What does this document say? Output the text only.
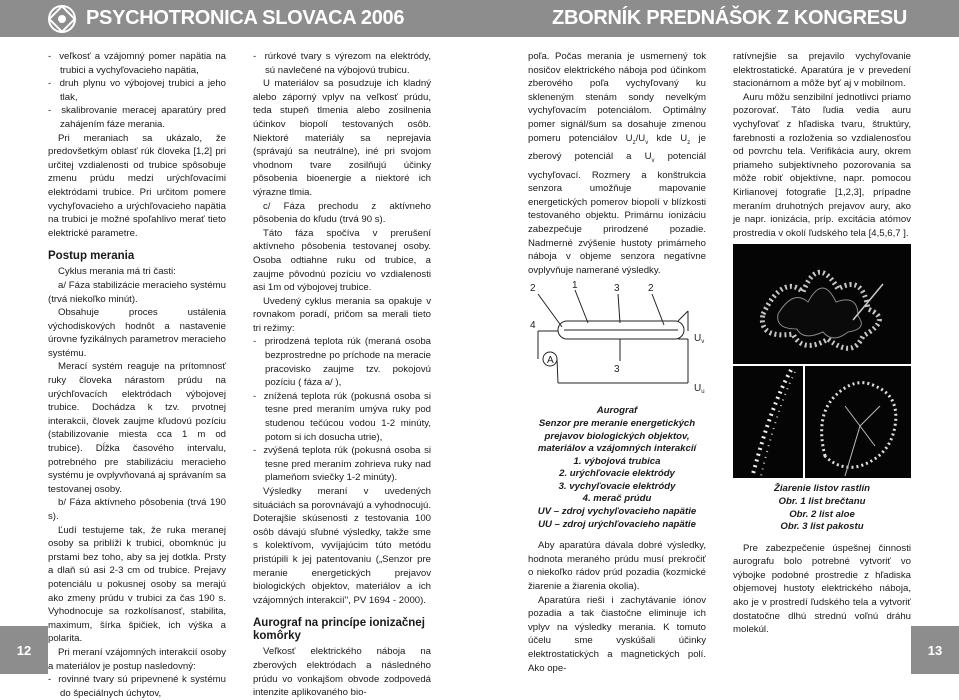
PSYCHOTRONICA SLOVACA 2006	ZBORNÍK PREDNÁŠOK Z KONGRESU

-  veľkosť a vzájomný pomer napätia na trubici a vychyľovacieho napätia,

-  druh plynu vo výbojovej trubici a jeho tlak,

-  skalibrovanie meracej aparatúry pred zahájením fáze merania.

Pri meraniach sa ukázalo, že predovšetkým oblasť rúk človeka [1,2] pri určitej vzdialenosti od trubice spôsobuje zmenu prúdu medzi urýchľovacími elektródami trubice. Pri určitom pomere vychyľovacieho a urýchľovacieho napätia na trubici je možné spoľahlivo merať tieto elektrické parametre.

Postup merania

Cyklus merania má tri časti:

a/ Fáza stabilizácie meracieho systému (trvá niekoľko minút).

Obsahuje proces ustálenia východiskových hodnôt a nastavenie úrovne fyzikálnych parametrov meracieho systému.

Merací systém reaguje na prítomnosť ruky človeka nárastom prúdu na urýchľovacích elektródach výbojovej trubice. Dochádza k tzv. prvotnej interakcii, človek zaujme kľudovú pozíciu (stabilizovanie miesta cca 1 m od trubice). Dĺžka časového intervalu, potrebného pre stabilizáciu meracieho systému je ovplyvňovaná aj správaním sa testovanej osoby.

b/ Fáza aktívneho pôsobenia (trvá 190 s).

Ľudí testujeme tak, že ruka meranej osoby sa priblíži k trubici, obomknúc ju prstami bez toho, aby sa jej dotkla. Prsty a dlaň sú asi 2-3 cm od trubice. Prejavy potenciálu u pokusnej osoby sa merajú ako zmeny prúdu v trubici za čas 190 s. Vyhodnocuje sa rozkolísanosť, stabilita, maximum, šírka špičiek, ich výška a polarita.

Pri meraní vzájomných interakcií osoby a materiálov je postup nasledovný:

-  rovinné tvary sú pripevnené k systému do špeciálnych úchytov,

-  rúrkové tvary s výrezom na elektródy, sú navlečené na výbojovú trubicu.

U materiálov sa posudzuje ich kladný alebo záporný vplyv na veľkosť prúdu, teda stupeň tlmenia alebo zosilnenia účinkov biopolí testovaných osôb. Niektoré materiály sa neprejavia (správajú sa neutrálne), iné pri svojom vhodnom tvare zosilňujú účinky pôsobenia bioenergie a niektoré ich výrazne tlmia.

c/ Fáza prechodu z aktívneho pôsobenia do kľudu (trvá 90 s).

Táto fáza spočíva v prerušení aktívneho pôsobenia testovanej osoby. Osoba odtiahne ruku od trubice, a zaujme pôvodnú pozíciu vo vzdialenosti asi 1m od výbojovej trubice.

Uvedený cyklus merania sa opakuje v rovnakom poradí, pričom sa merali tieto tri režimy:

-  prirodzená teplota rúk (meraná osoba bezprostredne po príchode na meracie pracovisko zaujme tzv. pokojovú pozíciu ( fáza a/ ),

-  znížená teplota rúk (pokusná osoba si tesne pred meraním umýva ruky pod studenou tečúcou vodou 1-2 minúty, potom si ich dosucha utrie),

-  zvýšená teplota rúk (pokusná osoba si tesne pred meraním zohrieva ruky nad plameňom sviečky 1-2 minúty).

Výsledky meraní v uvedených situáciách sa porovnávajú a vyhodnocujú. Doterajšie skúsenosti z testovania 100 osôb dávajú sľubné výsledky, takže sme s kolektívom, vyvíjajúcim túto metódu pristúpili k jej patentovaniu („Senzor pre meranie energetických prejavov biologických objektov, materiálov a ich vzájomných interakcií", PV 1694 - 2000).

Aurograf na princípe ionizačnej komôrky

Veľkosť elektrického náboja na zberových elektródach a následného prúdu vo vonkajšom obvode zodpovedá intenzite aplikovaného bio-

poľa. Počas merania je usmernený tok nosičov elektrického náboja pod účinkom zberového poľa vychyľovaný ku skleneným stenám sondy nevelkým vychyľovacím potenciálom. Optimálny pomer signál/šum sa dosahuje zmenou pomeru potenciálov $U_z/U_v$ kde $U_z$ je zberový potenciál a $U_v$ potenciál vychyľovací. Rozmery a konštrukcia senzora umožňuje mapovanie energetických pomerov biopolí v blízkosti testovaného objektu. Primárnu ionizáciu zabezpečuje prirodzené pozadie. Nadmerné zvýšenie hustoty primárneho náboja v objeme senzora negatívne ovplyvňuje namerané výsledky.

2	1	3	2
4
A
3
$U_v$
$U_u$
Aurograf
Senzor pre meranie energetických prejavov biologických objektov, materiálov a vzájomných interakcií
1. výbojová trubica
2. urýchľovacie elektródy
3. vychyľovacie elektródy
4. merač prúdu
UV – zdroj vychyľovacieho napätie
UU – zdroj urýchľovacieho napätie

Aby aparatúra dávala dobré výsledky, hodnota meraného prúdu musí prekročiť o niekoľko rádov prúd pozadia (kozmické žiarenie a žiarenia okolia).

Aparatúra rieši i zachytávanie iónov pozadia a tak čiastočne eliminuje ich vplyv na výsledky merania. K tomuto účelu sme vyskúšali účinky elektrostatických a magnetických polí. Ako ope-

ratívnejšie sa prejavilo vychyľovanie elektrostatické. Aparatúra je v prevedení stacionárnom a môže byť aj v mobilnom.

Auru môžu senzibilní jednotlivci priamo pozorovať. Táto ľudia vedia auru vychyľovať z hľadiska tvaru, štruktúry, farebnosti a rozloženia so vzdialenosťou od povrchu tela. Verifikácia aury, okrem priameho subjektívneho pozorovania sa môže robiť objektívne, napr. pomocou Kirlianovej fotografie [1,2,3], prípadne meraním druhotných prejavov aury, ako je napr. ionizácia, príp. excitácia atómov prostredia v okolí ľudského tela [4,5,6,7 ].

Žiarenie listov rastlín
Obr. 1 list brečtanu
Obr. 2 list aloe
Obr. 3 list pakostu

Pre zabezpečenie úspešnej činnosti aurografu bolo potrebné vytvoriť vo výbojke podobné prostredie z hľadiska objemovej hustoty elektrického náboja, ako je v prostredí ľudského tela a vytvoriť dostatočne dlhú strednú voľnú dráhu molekúl.

12	13
